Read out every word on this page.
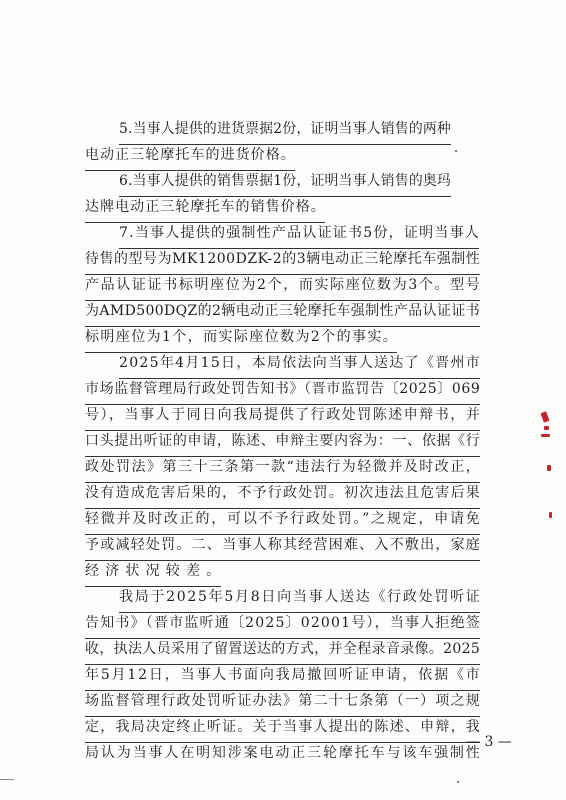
5.当事人提供的进货票据2份，证明当事人销售的两种
电动正三轮摩托车的进货价格。
6.当事人提供的销售票据1份，证明当事人销售的奥玛
达牌电动正三轮摩托车的销售价格。
7.当事人提供的强制性产品认证证书5份，证明当事人
待售的型号为MK1200DZK-2的3辆电动正三轮摩托车强制性
产品认证证书标明座位为2个，而实际座位数为3个。型号
为AMD500DQZ的2辆电动正三轮摩托车强制性产品认证证书
标明座位为1个，而实际座位数为2个的事实。
2025年4月15日，本局依法向当事人送达了《晋州市
市场监督管理局行政处罚告知书》（晋市监罚告〔2025〕069
号），当事人于同日向我局提供了行政处罚陈述申辩书，并
口头提出听证的申请，陈述、申辩主要内容为：一、依据《行
政处罚法》第三十三条第一款“违法行为轻微并及时改正，
没有造成危害后果的，不予行政处罚。初次违法且危害后果
轻微并及时改正的，可以不予行政处罚。”之规定，申请免
予或减轻处罚。二、当事人称其经营困难、入不敷出，家庭
经济状况较差。
我局于2025年5月8日向当事人送达《行政处罚听证
告知书》（晋市监听通〔2025〕02001号），当事人拒绝签
收，执法人员采用了留置送达的方式，并全程录音录像。2025
年5月12日，当事人书面向我局撤回听证申请，依据《市
场监督管理行政处罚听证办法》第二十七条第（一）项之规
定，我局决定终止听证。关于当事人提出的陈述、申辩，我
局认为当事人在明知涉案电动正三轮摩托车与该车强制性
— 3 —
